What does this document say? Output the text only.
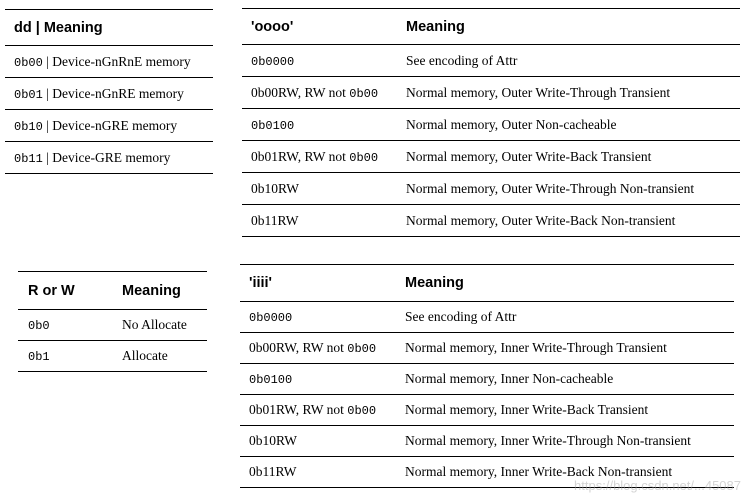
dd | Meaning
0b00 | Device-nGnRnE memory
0b01 | Device-nGnRE memory
0b10 | Device-nGRE memory
0b11 | Device-GRE memory
'oooo'	Meaning
0b0000	See encoding of Attr
0b00RW, RW not 0b00	Normal memory, Outer Write-Through Transient
0b0100	Normal memory, Outer Non-cacheable
0b01RW, RW not 0b00	Normal memory, Outer Write-Back Transient
0b10RW	Normal memory, Outer Write-Through Non-transient
0b11RW	Normal memory, Outer Write-Back Non-transient
R or W	Meaning
0b0	No Allocate
0b1	Allocate
'iiii'	Meaning
0b0000	See encoding of Attr
0b00RW, RW not 0b00	Normal memory, Inner Write-Through Transient
0b0100	Normal memory, Inner Non-cacheable
0b01RW, RW not 0b00	Normal memory, Inner Write-Back Transient
0b10RW	Normal memory, Inner Write-Through Non-transient
0b11RW	Normal memory, Inner Write-Back Non-transient
https://blog.csdn.net/...45087
